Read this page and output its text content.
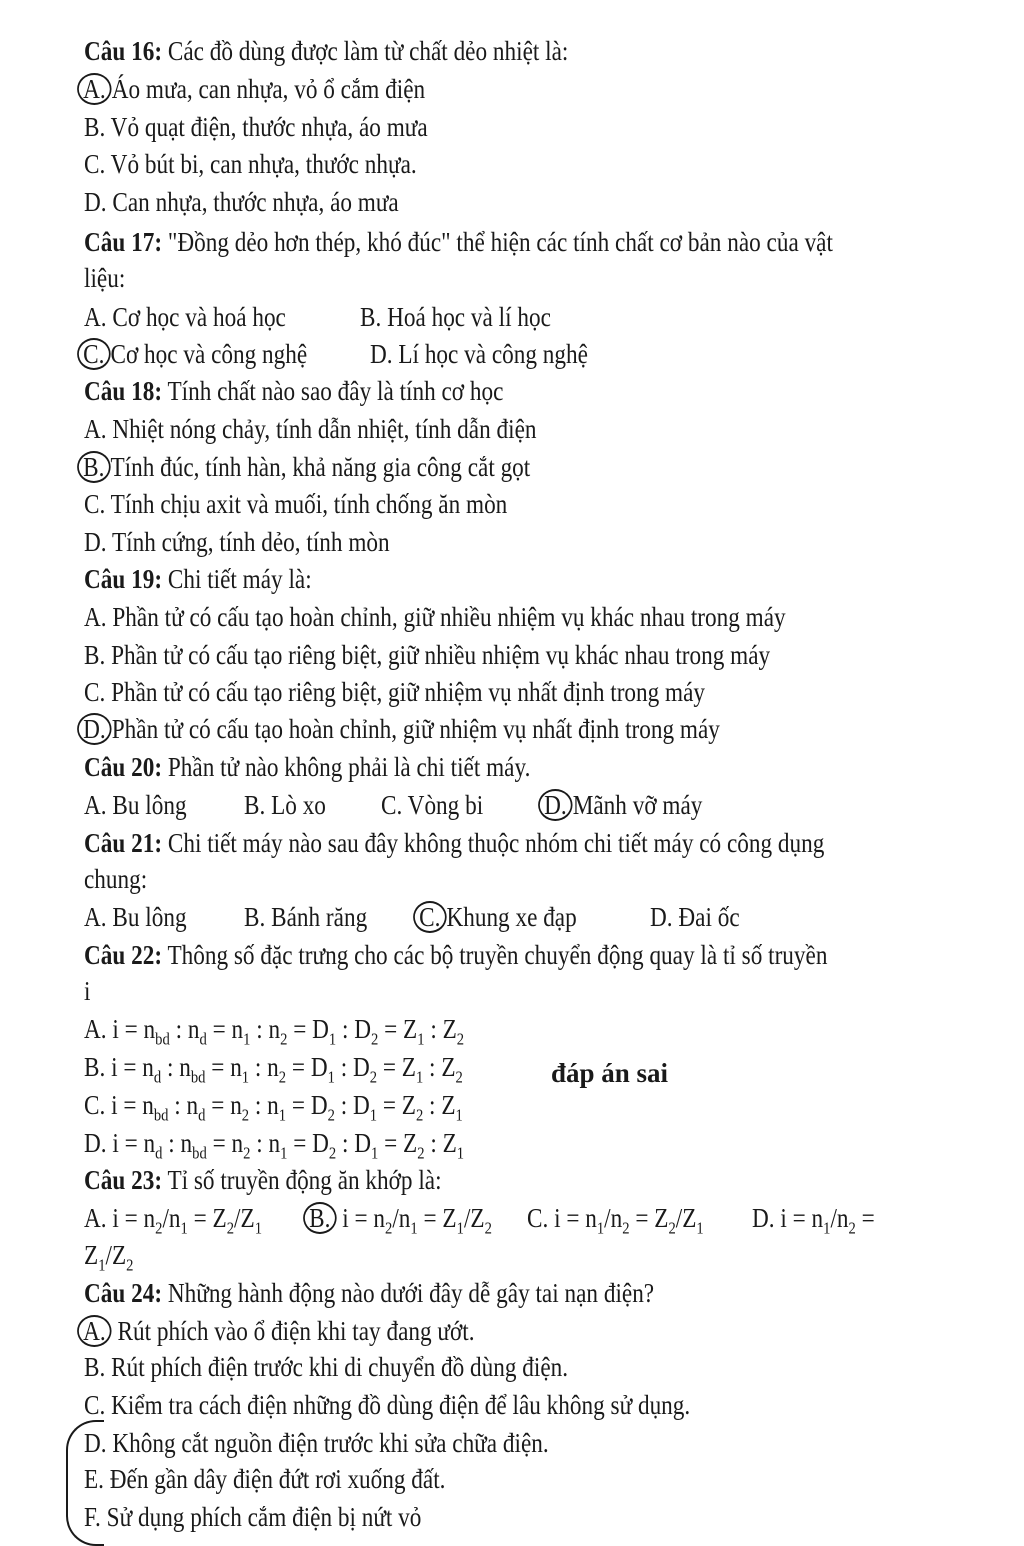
Câu 16: Các đồ dùng được làm từ chất dẻo nhiệt là:
A. Áo mưa, can nhựa, vỏ ổ cắm điện
B. Vỏ quạt điện, thước nhựa, áo mưa
C. Vỏ bút bi, can nhựa, thước nhựa.
D. Can nhựa, thước nhựa, áo mưa
Câu 17: "Đồng dẻo hơn thép, khó đúc" thể hiện các tính chất cơ bản nào của vật
liệu:
A. Cơ học và hoá học	B. Hoá học và lí học
C. Cơ học và công nghệ D. Lí học và công nghệ
Câu 18: Tính chất nào sao đây là tính cơ học
A. Nhiệt nóng chảy, tính dẫn nhiệt, tính dẫn điện
B. Tính đúc, tính hàn, khả năng gia công cắt gọt
C. Tính chịu axit và muối, tính chống ăn mòn
D. Tính cứng, tính dẻo, tính mòn
Câu 19: Chi tiết máy là:
A. Phần tử có cấu tạo hoàn chỉnh, giữ nhiều nhiệm vụ khác nhau trong máy
B. Phần tử có cấu tạo riêng biệt, giữ nhiều nhiệm vụ khác nhau trong máy
C. Phần tử có cấu tạo riêng biệt, giữ nhiệm vụ nhất định trong máy
D. Phần tử có cấu tạo hoàn chỉnh, giữ nhiệm vụ nhất định trong máy
Câu 20: Phần tử nào không phải là chi tiết máy.
A. Bu lông B. Lò xo C. Vòng bi D. Mãnh vỡ máy
Câu 21: Chi tiết máy nào sau đây không thuộc nhóm chi tiết máy có công dụng
chung:
A. Bu lông B. Bánh răng C. Khung xe đạp	D. Đai ốc
Câu 22: Thông số đặc trưng cho các bộ truyền chuyển động quay là tỉ số truyền
i
A. $i = n_{bd}$ : $n_d = n_1$ : $n_2 = D_1$ : $D_2 = Z_1$ : $Z_2$
B. $i = n_d$ : $n_{bd} = n_1$ : $n_2 = D_1$ : $D_2 = Z_1$ : $Z_2$	đáp án sai
C. $i = n_{bd}$ : $n_d = n_2$ : $n_1 = D_2$ : $D_1 = Z_2$ : $Z_1$
D. $i = n_d$ : $n_{bd} = n_2$ : $n_1 = D_2$ : $D_1 = Z_2$ : $Z_1$
Câu 23: Tỉ số truyền động ăn khớp là:
A. $i = n_2/n_1 = Z_2/Z_1$ B. $i = n_2/n_1 = Z_1/Z_2$ C. $i = n_1/n_2 = Z_2/Z_1$ D. $i = n_1/n_2$ =
$Z_1/Z_2$
Câu 24: Những hành động nào dưới đây dễ gây tai nạn điện?
A. Rút phích vào ổ điện khi tay đang ướt.
B. Rút phích điện trước khi di chuyển đồ dùng điện.
C. Kiểm tra cách điện những đồ dùng điện để lâu không sử dụng.
D. Không cắt nguồn điện trước khi sửa chữa điện.
E. Đến gần dây điện đứt rơi xuống đất.
F. Sử dụng phích cắm điện bị nứt vỏ
